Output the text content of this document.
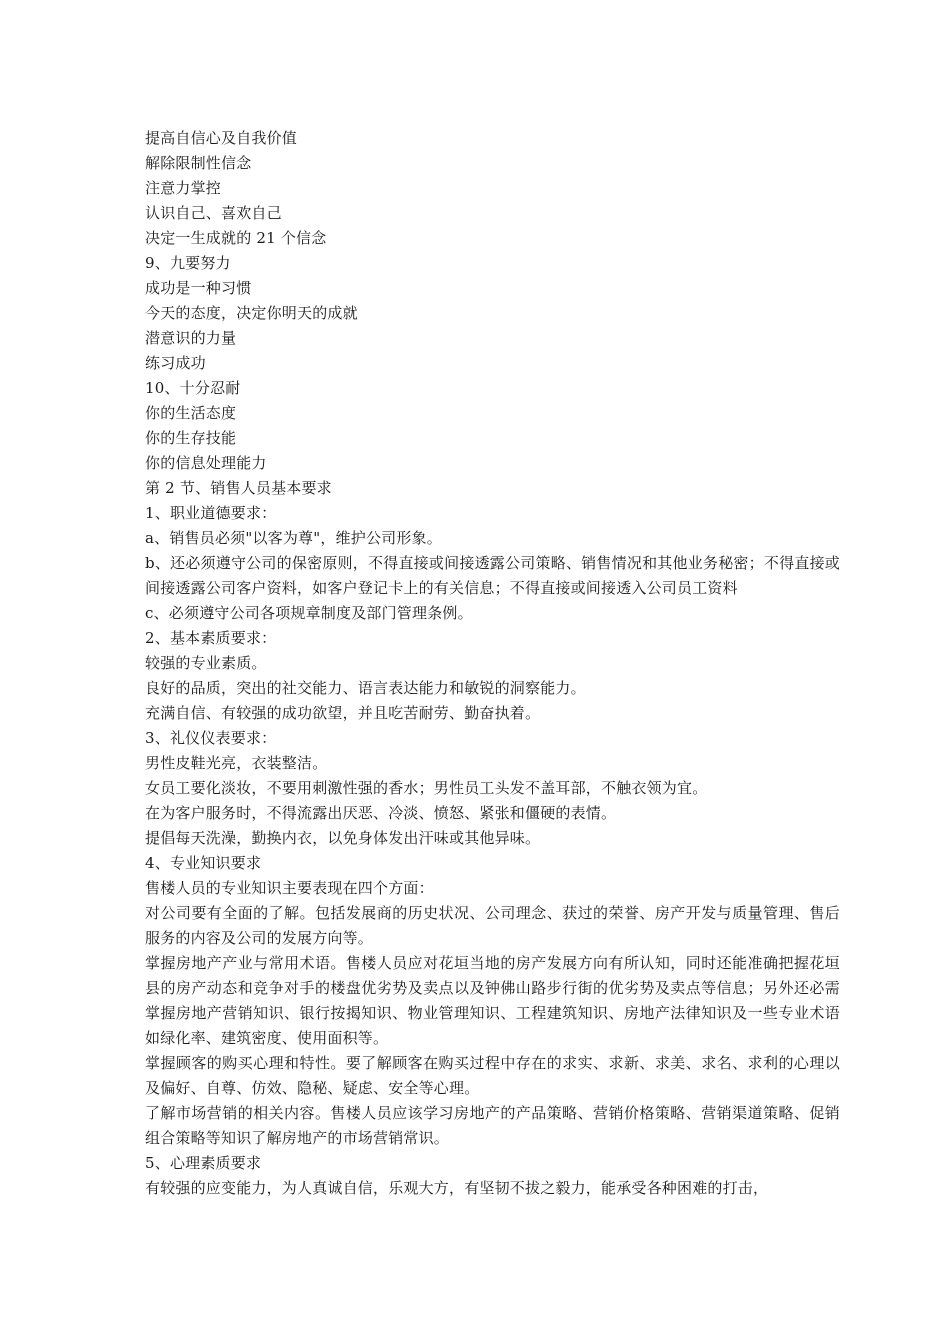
提高自信心及自我价值
解除限制性信念
注意力掌控
认识自己、喜欢自己
决定一生成就的 21 个信念
9、九要努力
成功是一种习惯
今天的态度，决定你明天的成就
潜意识的力量
练习成功
10、十分忍耐
你的生活态度
你的生存技能
你的信息处理能力
第 2 节、销售人员基本要求
1、职业道德要求：
a、销售员必须"以客为尊"，维护公司形象。
b、还必须遵守公司的保密原则，不得直接或间接透露公司策略、销售情况和其他业务秘密；不得直接或间接透露公司客户资料，如客户登记卡上的有关信息；不得直接或间接透入公司员工资料
c、必须遵守公司各项规章制度及部门管理条例。
2、基本素质要求：
较强的专业素质。
良好的品质，突出的社交能力、语言表达能力和敏锐的洞察能力。
充满自信、有较强的成功欲望，并且吃苦耐劳、勤奋执着。
3、礼仪仪表要求：
男性皮鞋光亮，衣装整洁。
女员工要化淡妆，不要用刺激性强的香水；男性员工头发不盖耳部，不触衣领为宜。
在为客户服务时，不得流露出厌恶、冷淡、愤怒、紧张和僵硬的表情。
提倡每天洗澡，勤换内衣，以免身体发出汗味或其他异味。
4、专业知识要求
售楼人员的专业知识主要表现在四个方面：
对公司要有全面的了解。包括发展商的历史状况、公司理念、获过的荣誉、房产开发与质量管理、售后服务的内容及公司的发展方向等。
掌握房地产产业与常用术语。售楼人员应对花垣当地的房产发展方向有所认知，同时还能准确把握花垣县的房产动态和竞争对手的楼盘优劣势及卖点以及钟佛山路步行街的优劣势及卖点等信息；另外还必需掌握房地产营销知识、银行按揭知识、物业管理知识、工程建筑知识、房地产法律知识及一些专业术语如绿化率、建筑密度、使用面积等。
掌握顾客的购买心理和特性。要了解顾客在购买过程中存在的求实、求新、求美、求名、求利的心理以及偏好、自尊、仿效、隐秘、疑虑、安全等心理。
了解市场营销的相关内容。售楼人员应该学习房地产的产品策略、营销价格策略、营销渠道策略、促销组合策略等知识了解房地产的市场营销常识。
5、心理素质要求
有较强的应变能力，为人真诚自信，乐观大方，有坚韧不拔之毅力，能承受各种困难的打击，
